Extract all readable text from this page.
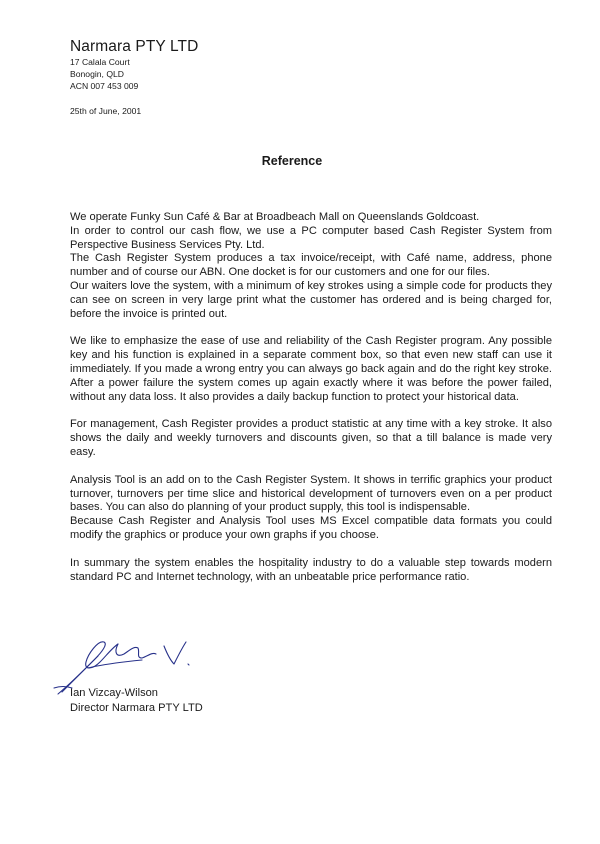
Narmara PTY LTD
17 Calala Court
Bonogin, QLD
ACN 007 453 009
25th of June, 2001
Reference

We operate Funky Sun Café & Bar at Broadbeach Mall on Queenslands Goldcoast.

In order to control our cash flow, we use a PC computer based Cash Register System from Perspective Business Services Pty. Ltd.

The Cash Register System produces a tax invoice/receipt, with Café name, address, phone number and of course our ABN. One docket is for our customers and one for our files.

Our waiters love the system, with a minimum of key strokes using a simple code for products they can see on screen in very large print what the customer has ordered and is being charged for, before the invoice is printed out.

We like to emphasize the ease of use and reliability of the Cash Register program. Any possible key and his function is explained in a separate comment box, so that even new staff can use it immediately. If you made a wrong entry you can always go back again and do the right key stroke. After a power failure the system comes up again exactly where it was before the power failed, without any data loss. It also provides a daily backup function to protect your historical data.

For management, Cash Register provides a product statistic at any time with a key stroke. It also shows the daily and weekly turnovers and discounts given, so that a till balance is made very easy.

Analysis Tool is an add on to the Cash Register System. It shows in terrific graphics your product turnover, turnovers per time slice and historical development of turnovers even on a per product bases. You can also do planning of your product supply, this tool is indispensable.

Because Cash Register and Analysis Tool uses MS Excel compatible data formats you could modify the graphics or produce your own graphs if you choose.

In summary the system enables the hospitality industry to do a valuable step towards modern standard PC and Internet technology, with an unbeatable price performance ratio.

Ian Vizcay-Wilson
Director Narmara PTY LTD
